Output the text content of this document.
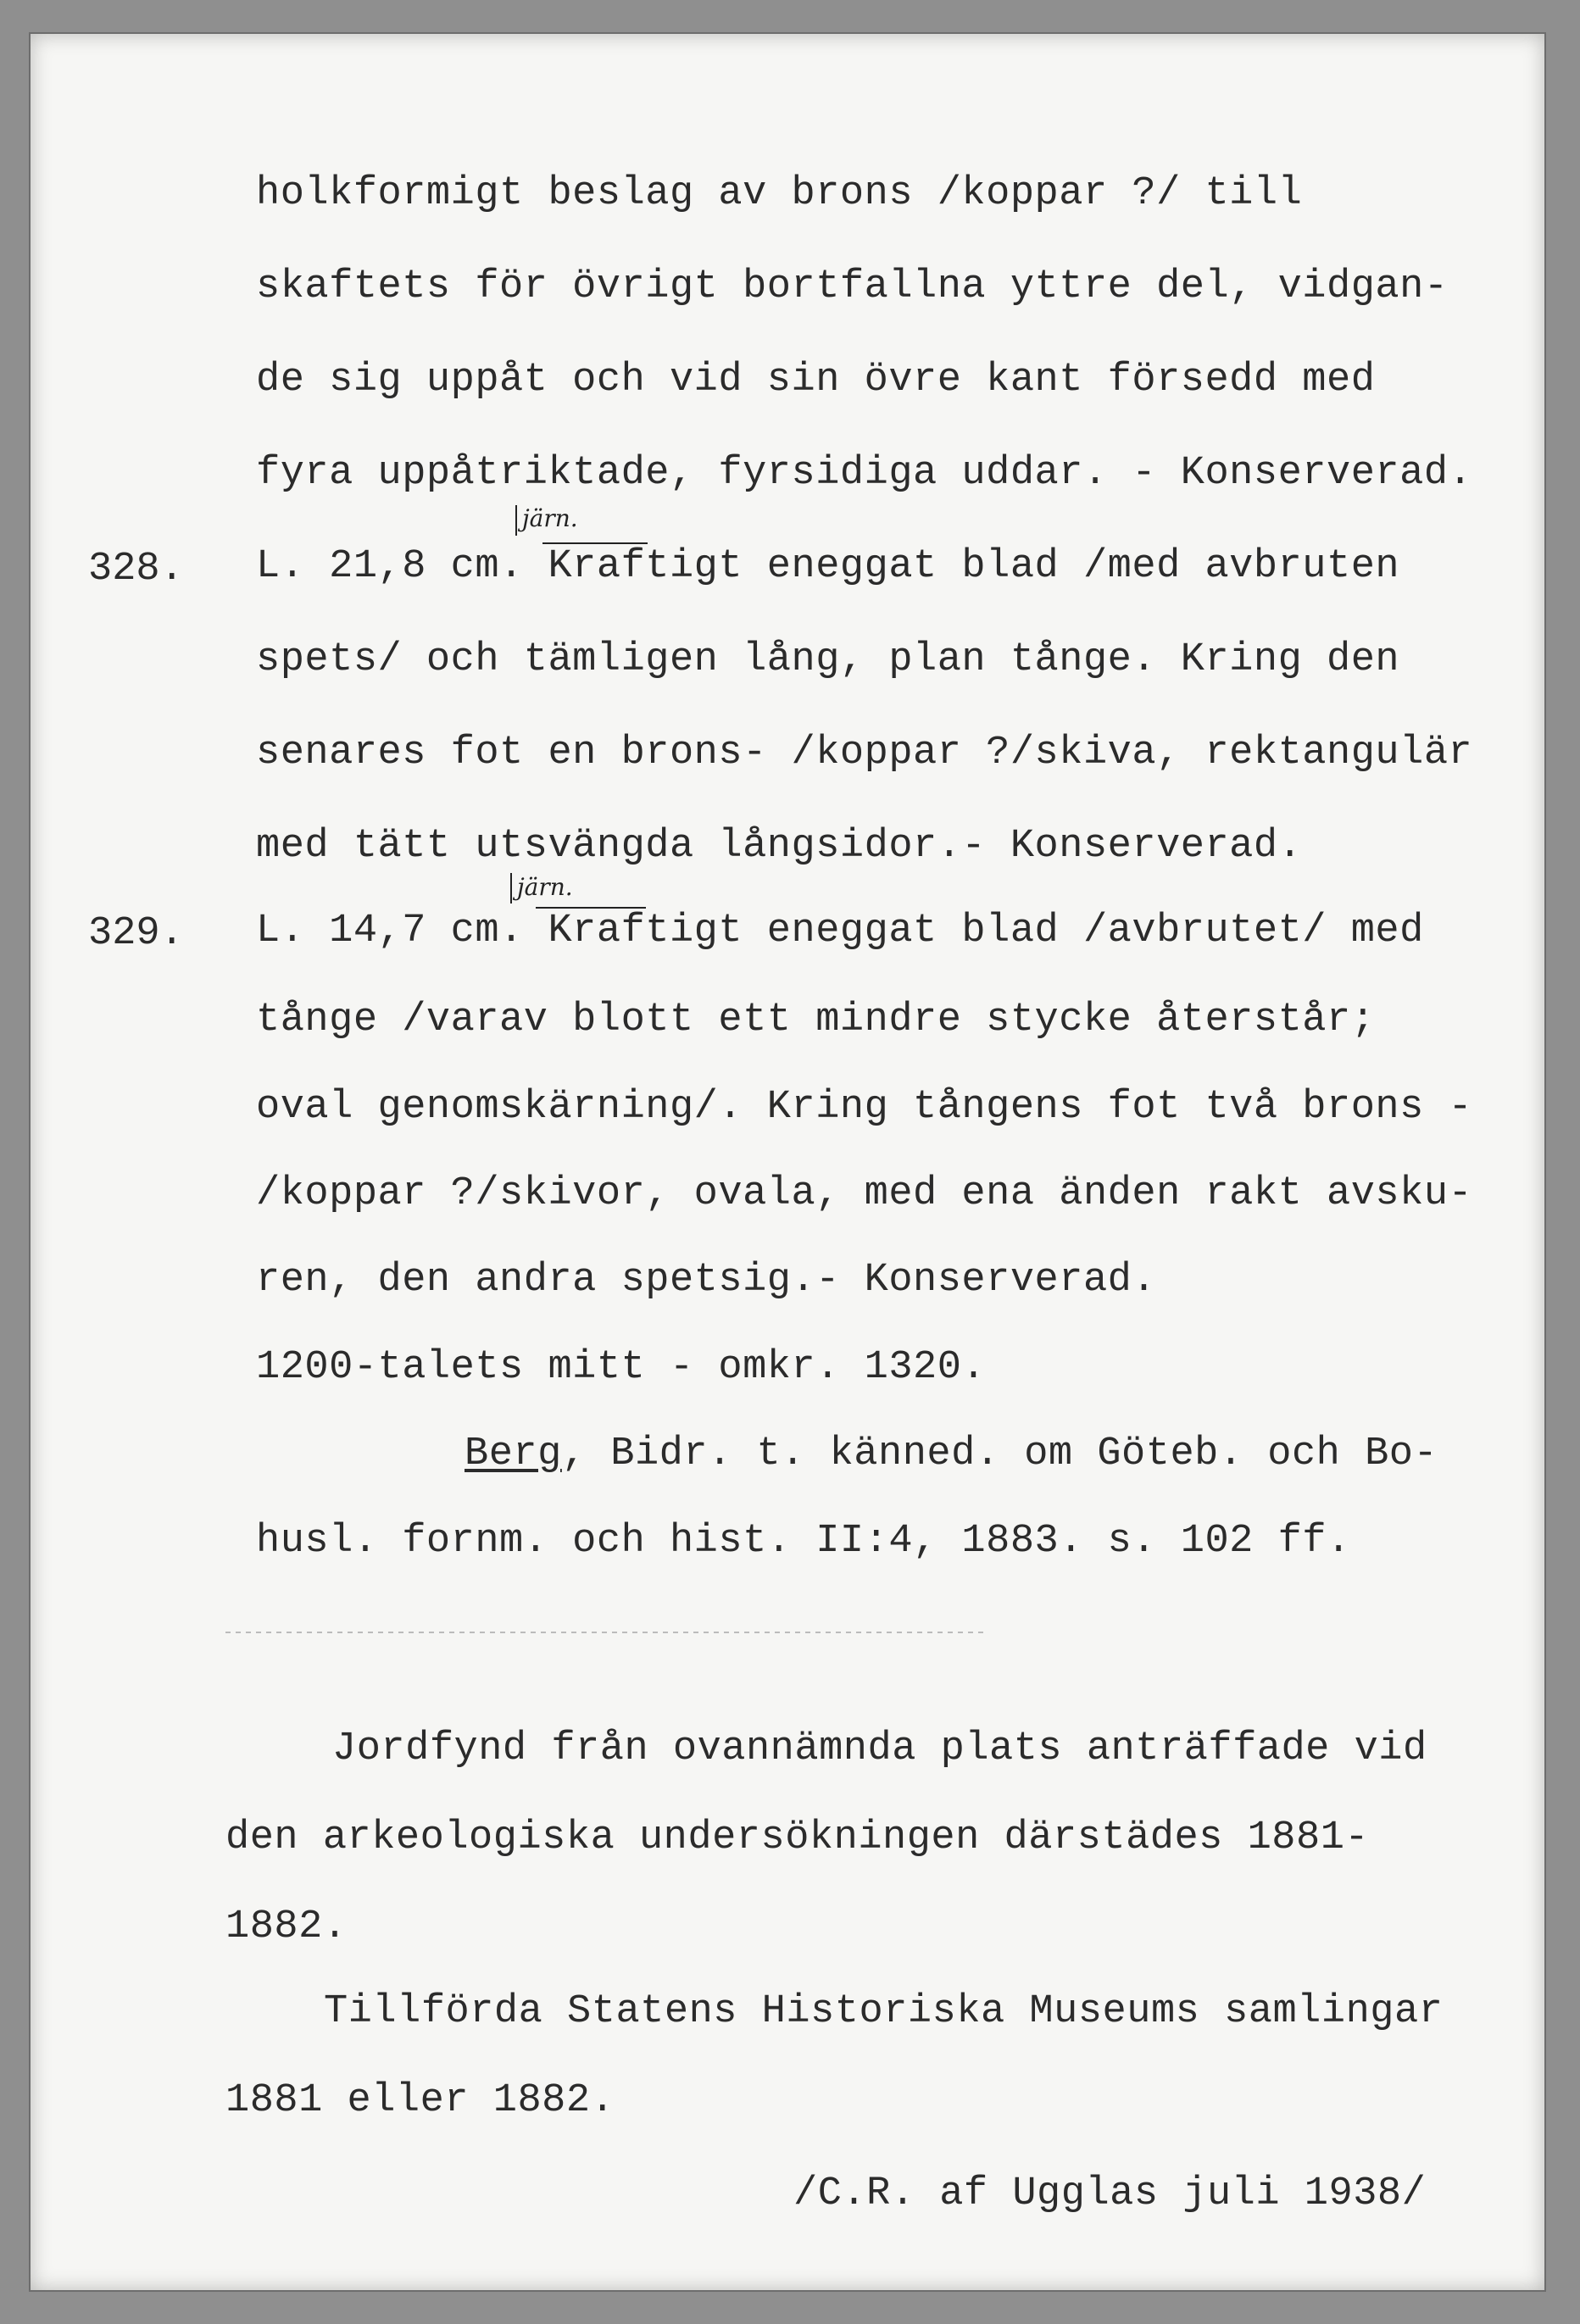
holkformigt beslag av brons /koppar ?/ till
skaftets för övrigt bortfallna yttre del, vidgan-
de sig uppåt och vid sin övre kant försedd med
fyra uppåtriktade, fyrsidiga uddar. - Konserverad.
328.
järn.
L. 21,8 cm. Kraftigt eneggat blad /med avbruten
spets/ och tämligen lång, plan tånge. Kring den
senares fot en brons- /koppar ?/skiva, rektangulär
med tätt utsvängda långsidor.- Konserverad.
329.
järn.
L. 14,7 cm. Kraftigt eneggat blad /avbrutet/ med
tånge /varav blott ett mindre stycke återstår;
oval genomskärning/. Kring tångens fot två brons -
/koppar ?/skivor, ovala, med ena änden rakt avsku-
ren, den andra spetsig.- Konserverad.
1200-talets mitt - omkr. 1320.
Berg, Bidr. t. känned. om Göteb. och Bo-
husl. fornm. och hist. II:4, 1883. s. 102 ff.
Jordfynd från ovannämnda plats anträffade vid
den arkeologiska undersökningen därstädes 1881-
1882.
Tillförda Statens Historiska Museums samlingar
1881 eller 1882.
/C.R. af Ugglas juli 1938/
